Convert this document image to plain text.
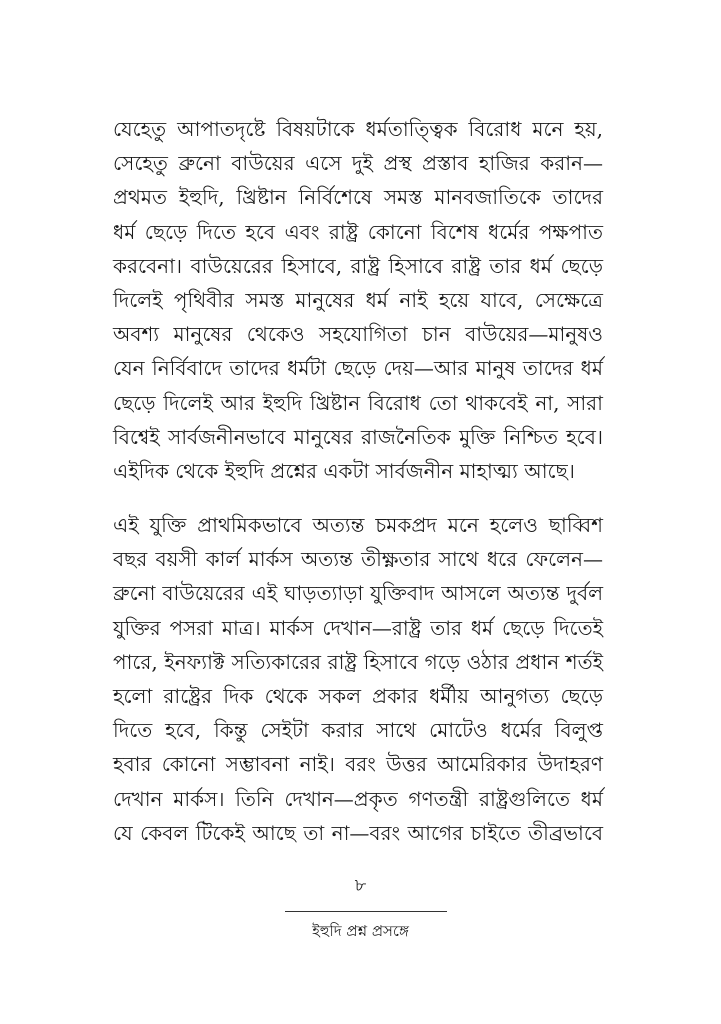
যেহেতু আপাতদৃষ্টে বিষয়টাকে ধর্মতাত্ত্বিক বিরোধ মনে হয়,
সেহেতু ব্রুনো বাউয়ের এসে দুই প্রস্থ প্রস্তাব হাজির করান—
প্রথমত ইহুদি, খ্রিষ্টান নির্বিশেষে সমস্ত মানবজাতিকে তাদের
ধর্ম ছেড়ে দিতে হবে এবং রাষ্ট্র কোনো বিশেষ ধর্মের পক্ষপাত
করবেনা। বাউয়েরের হিসাবে, রাষ্ট্র হিসাবে রাষ্ট্র তার ধর্ম ছেড়ে
দিলেই পৃথিবীর সমস্ত মানুষের ধর্ম নাই হয়ে যাবে, সেক্ষেত্রে
অবশ্য মানুষের থেকেও সহযোগিতা চান বাউয়ের—মানুষও
যেন নির্বিবাদে তাদের ধর্মটা ছেড়ে দেয়—আর মানুষ তাদের ধর্ম
ছেড়ে দিলেই আর ইহুদি খ্রিষ্টান বিরোধ তো থাকবেই না, সারা
বিশ্বেই সার্বজনীনভাবে মানুষের রাজনৈতিক মুক্তি নিশ্চিত হবে।
এইদিক থেকে ইহুদি প্রশ্নের একটা সার্বজনীন মাহাত্ম্য আছে।
এই যুক্তি প্রাথমিকভাবে অত্যন্ত চমকপ্রদ মনে হলেও ছাব্বিশ
বছর বয়সী কার্ল মার্কস অত্যন্ত তীক্ষ্ণতার সাথে ধরে ফেলেন—
ব্রুনো বাউয়েরের এই ঘাড়ত্যাড়া যুক্তিবাদ আসলে অত্যন্ত দুর্বল
যুক্তির পসরা মাত্র। মার্কস দেখান—রাষ্ট্র তার ধর্ম ছেড়ে দিতেই
পারে, ইনফ্যাক্ট সত্যিকারের রাষ্ট্র হিসাবে গড়ে ওঠার প্রধান শর্তই
হলো রাষ্ট্রের দিক থেকে সকল প্রকার ধর্মীয় আনুগত্য ছেড়ে
দিতে হবে, কিন্তু সেইটা করার সাথে মোটেও ধর্মের বিলুপ্ত
হবার কোনো সম্ভাবনা নাই। বরং উত্তর আমেরিকার উদাহরণ
দেখান মার্কস। তিনি দেখান—প্রকৃত গণতন্ত্রী রাষ্ট্রগুলিতে ধর্ম
যে কেবল টিকেই আছে তা না—বরং আগের চাইতে তীব্রভাবে
৮
ইহুদি প্রশ্ন প্রসঙ্গে
